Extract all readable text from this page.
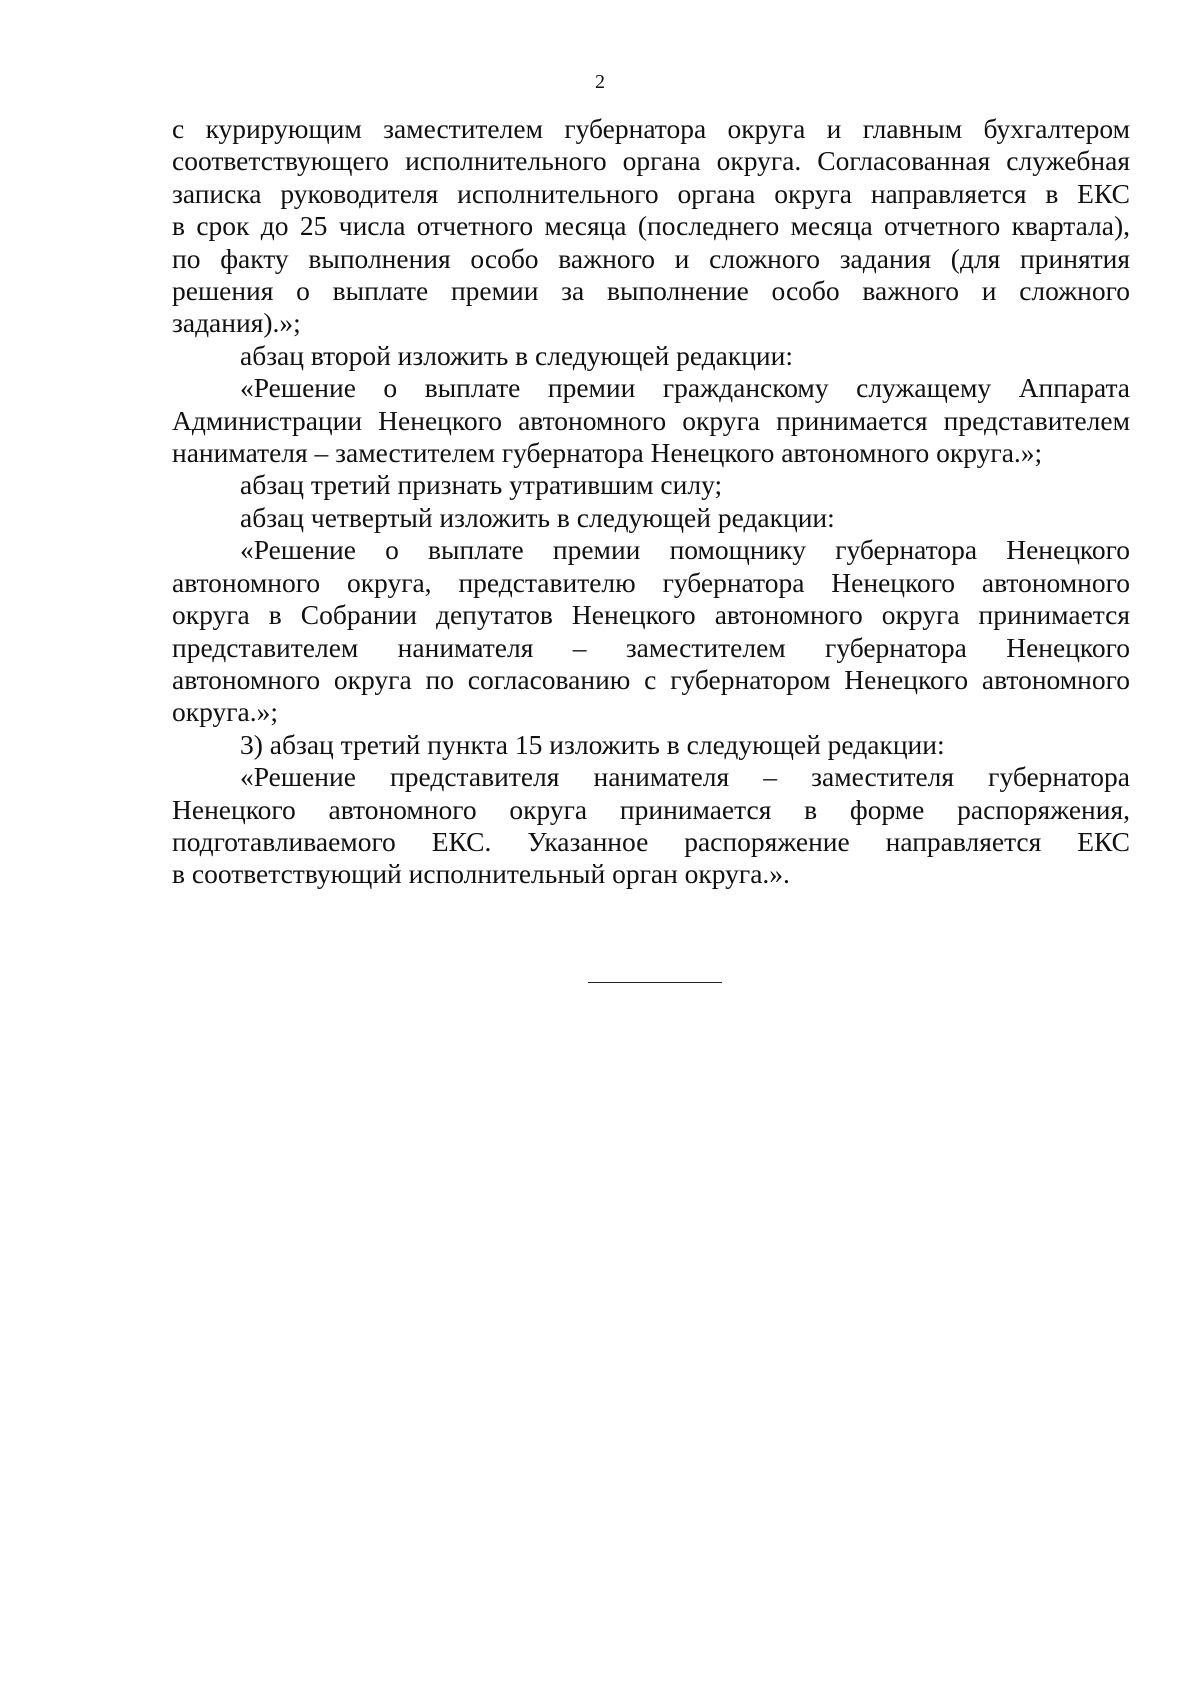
2
с курирующим заместителем губернатора округа и главным бухгалтером
соответствующего исполнительного органа округа. Согласованная служебная
записка руководителя исполнительного органа округа направляется в ЕКС
в срок до 25 числа отчетного месяца (последнего месяца отчетного квартала),
по факту выполнения особо важного и сложного задания (для принятия
решения о выплате премии за выполнение особо важного и сложного
задания).»;
абзац второй изложить в следующей редакции:
«Решение о выплате премии гражданскому служащему Аппарата
Администрации Ненецкого автономного округа принимается представителем
нанимателя – заместителем губернатора Ненецкого автономного округа.»;
абзац третий признать утратившим силу;
абзац четвертый изложить в следующей редакции:
«Решение о выплате премии помощнику губернатора Ненецкого
автономного округа, представителю губернатора Ненецкого автономного
округа в Собрании депутатов Ненецкого автономного округа принимается
представителем нанимателя – заместителем губернатора Ненецкого
автономного округа по согласованию с губернатором Ненецкого автономного
округа.»;
3) абзац третий пункта 15 изложить в следующей редакции:
«Решение представителя нанимателя – заместителя губернатора
Ненецкого автономного округа принимается в форме распоряжения,
подготавливаемого ЕКС. Указанное распоряжение направляется ЕКС
в соответствующий исполнительный орган округа.».
